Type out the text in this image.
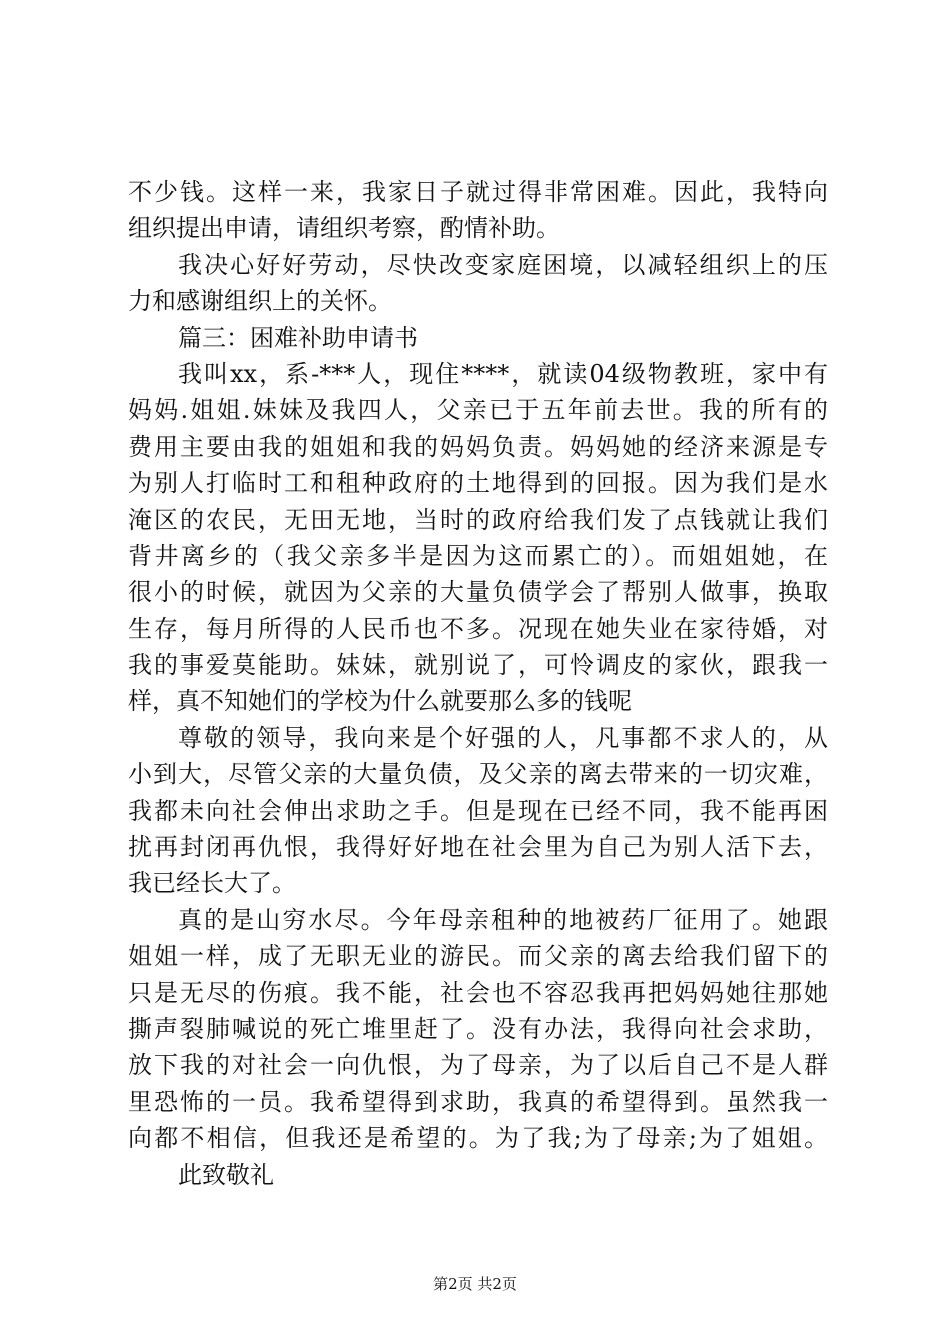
不少钱。这样一来，我家日子就过得非常困难。因此，我特向
组织提出申请，请组织考察，酌情补助。
我决心好好劳动，尽快改变家庭困境，以减轻组织上的压
力和感谢组织上的关怀。
篇三：困难补助申请书
我叫xx，系-***人，现住****，就读04级物教班，家中有
妈妈.姐姐.妹妹及我四人，父亲已于五年前去世。我的所有的
费用主要由我的姐姐和我的妈妈负责。妈妈她的经济来源是专
为别人打临时工和租种政府的土地得到的回报。因为我们是水
淹区的农民，无田无地，当时的政府给我们发了点钱就让我们
背井离乡的（我父亲多半是因为这而累亡的）。而姐姐她，在
很小的时候，就因为父亲的大量负债学会了帮别人做事，换取
生存，每月所得的人民币也不多。况现在她失业在家待婚，对
我的事爱莫能助。妹妹，就别说了，可怜调皮的家伙，跟我一
样，真不知她们的学校为什么就要那么多的钱呢
尊敬的领导，我向来是个好强的人，凡事都不求人的，从
小到大，尽管父亲的大量负债，及父亲的离去带来的一切灾难，
我都未向社会伸出求助之手。但是现在已经不同，我不能再困
扰再封闭再仇恨，我得好好地在社会里为自己为别人活下去，
我已经长大了。
真的是山穷水尽。今年母亲租种的地被药厂征用了。她跟
姐姐一样，成了无职无业的游民。而父亲的离去给我们留下的
只是无尽的伤痕。我不能，社会也不容忍我再把妈妈她往那她
撕声裂肺喊说的死亡堆里赶了。没有办法，我得向社会求助，
放下我的对社会一向仇恨，为了母亲，为了以后自己不是人群
里恐怖的一员。我希望得到求助，我真的希望得到。虽然我一
向都不相信，但我还是希望的。为了我;为了母亲;为了姐姐。
此致敬礼
第2页 共2页
